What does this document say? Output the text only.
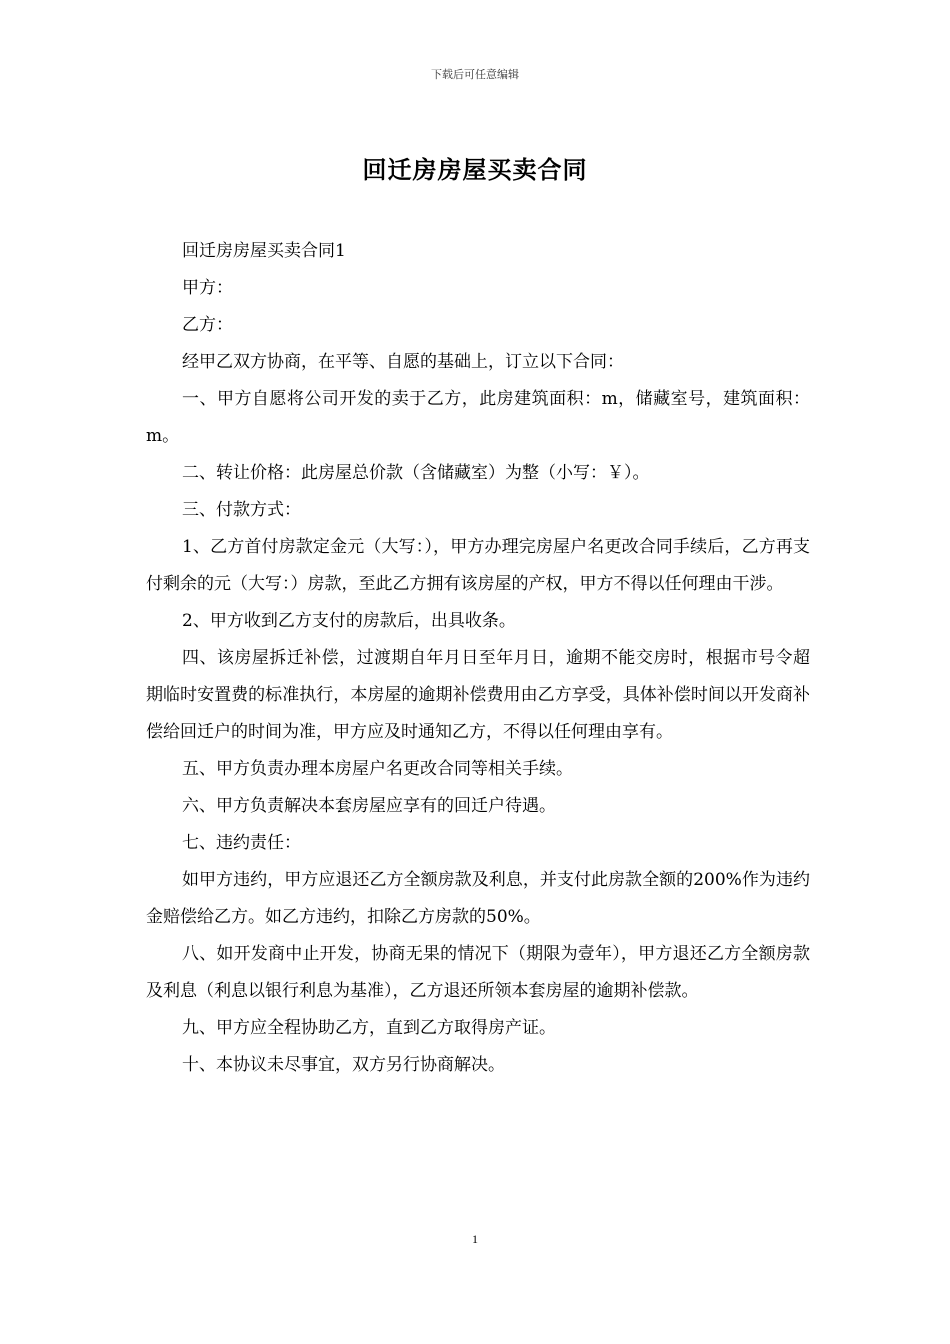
下载后可任意编辑
回迁房房屋买卖合同

回迁房房屋买卖合同1

甲方：

乙方：

经甲乙双方协商，在平等、自愿的基础上，订立以下合同：

一、甲方自愿将公司开发的卖于乙方，此房建筑面积：m，储藏室号，建筑面积：m。

二、转让价格：此房屋总价款（含储藏室）为整（小写：￥）。

三、付款方式：

1、乙方首付房款定金元（大写：），甲方办理完房屋户名更改合同手续后，乙方再支付剩余的元（大写：）房款，至此乙方拥有该房屋的产权，甲方不得以任何理由干涉。

2、甲方收到乙方支付的房款后，出具收条。

四、该房屋拆迁补偿，过渡期自年月日至年月日，逾期不能交房时，根据市号令超期临时安置费的标准执行，本房屋的逾期补偿费用由乙方享受，具体补偿时间以开发商补偿给回迁户的时间为准，甲方应及时通知乙方，不得以任何理由享有。

五、甲方负责办理本房屋户名更改合同等相关手续。

六、甲方负责解决本套房屋应享有的回迁户待遇。

七、违约责任：

如甲方违约，甲方应退还乙方全额房款及利息，并支付此房款全额的200%作为违约金赔偿给乙方。如乙方违约，扣除乙方房款的50%。

八、如开发商中止开发，协商无果的情况下（期限为壹年），甲方退还乙方全额房款及利息（利息以银行利息为基准），乙方退还所领本套房屋的逾期补偿款。

九、甲方应全程协助乙方，直到乙方取得房产证。

十、本协议未尽事宜，双方另行协商解决。

1
